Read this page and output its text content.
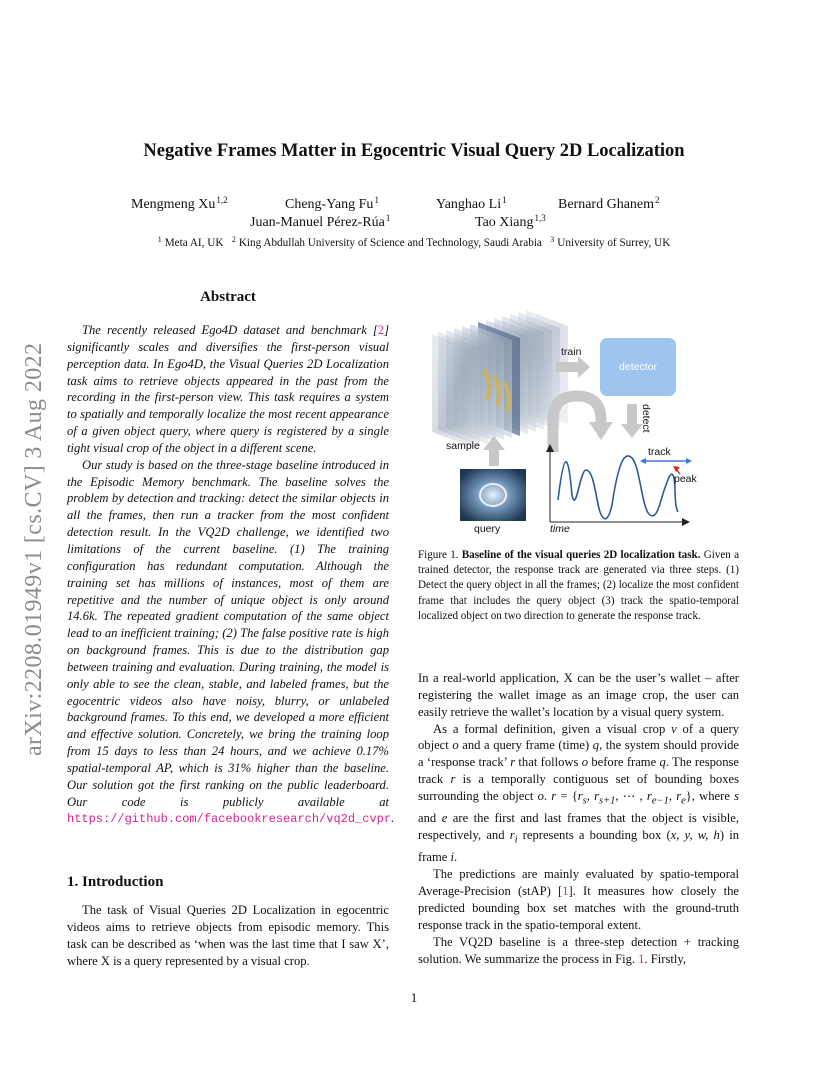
arXiv:2208.01949v1 [cs.CV] 3 Aug 2022
Negative Frames Matter in Egocentric Visual Query 2D Localization
Mengmeng Xu$^{1,2}$	Cheng-Yang Fu$^1$	Yanghao Li$^1$	Bernard Ghanem$^2$
Juan-Manuel Pérez-Rúa$^1$	Tao Xiang$^{1,3}$
$^1$ Meta AI, UK $^2$ King Abdullah University of Science and Technology, Saudi Arabia $^3$ University of Surrey, UK
Abstract

The recently released Ego4D dataset and benchmark [2] significantly scales and diversifies the first-person visual perception data. In Ego4D, the Visual Queries 2D Localization task aims to retrieve objects appeared in the past from the recording in the first-person view. This task requires a system to spatially and temporally localize the most recent appearance of a given object query, where query is registered by a single tight visual crop of the object in a different scene.

Our study is based on the three-stage baseline introduced in the Episodic Memory benchmark. The baseline solves the problem by detection and tracking: detect the similar objects in all the frames, then run a tracker from the most confident detection result. In the VQ2D challenge, we identified two limitations of the current baseline. (1) The training configuration has redundant computation. Although the training set has millions of instances, most of them are repetitive and the number of unique object is only around 14.6k. The repeated gradient computation of the same object lead to an inefficient training; (2) The false positive rate is high on background frames. This is due to the distribution gap between training and evaluation. During training, the model is only able to see the clean, stable, and labeled frames, but the egocentric videos also have noisy, blurry, or unlabeled background frames. To this end, we developed a more efficient and effective solution. Concretely, we bring the training loop from 15 days to less than 24 hours, and we achieve 0.17% spatial-temporal AP, which is 31% higher than the baseline. Our solution got the first ranking on the public leaderboard. Our code is publicly available at https://github.com/facebookresearch/vq2d_cvpr.

1. Introduction

The task of Visual Queries 2D Localization in egocentric videos aims to retrieve objects from episodic memory. This task can be described as ‘when was the last time that I saw X’, where X is a query represented by a visual crop.

train
detector
detect
sample
query	time
track
peak
Figure 1. Baseline of the visual queries 2D localization task. Given a trained detector, the response track are generated via three steps. (1) Detect the query object in all the frames; (2) localize the most confident frame that includes the query object (3) track the spatio-temporal localized object on two direction to generate the response track.

In a real-world application, X can be the user’s wallet – after registering the wallet image as an image crop, the user can easily retrieve the wallet’s location by a visual query system.

As a formal definition, given a visual crop v of a query object o and a query frame (time) q, the system should provide a ‘response track’ r that follows o before frame q. The response track r is a temporally contiguous set of bounding boxes surrounding the object o. $r = \{r_s$, $r_{s+1}$, ⋯ , $r_{e-1}$, $r_e$}, where s and e are the first and last frames that the object is visible, respectively, and $r_i$ represents a bounding box (x, y, w, h) in frame i.

The predictions are mainly evaluated by spatio-temporal Average-Precision (stAP) [1]. It measures how closely the predicted bounding box set matches with the ground-truth response track in the spatio-temporal extent.

The VQ2D baseline is a three-step detection + tracking solution. We summarize the process in Fig. 1. Firstly,

1
